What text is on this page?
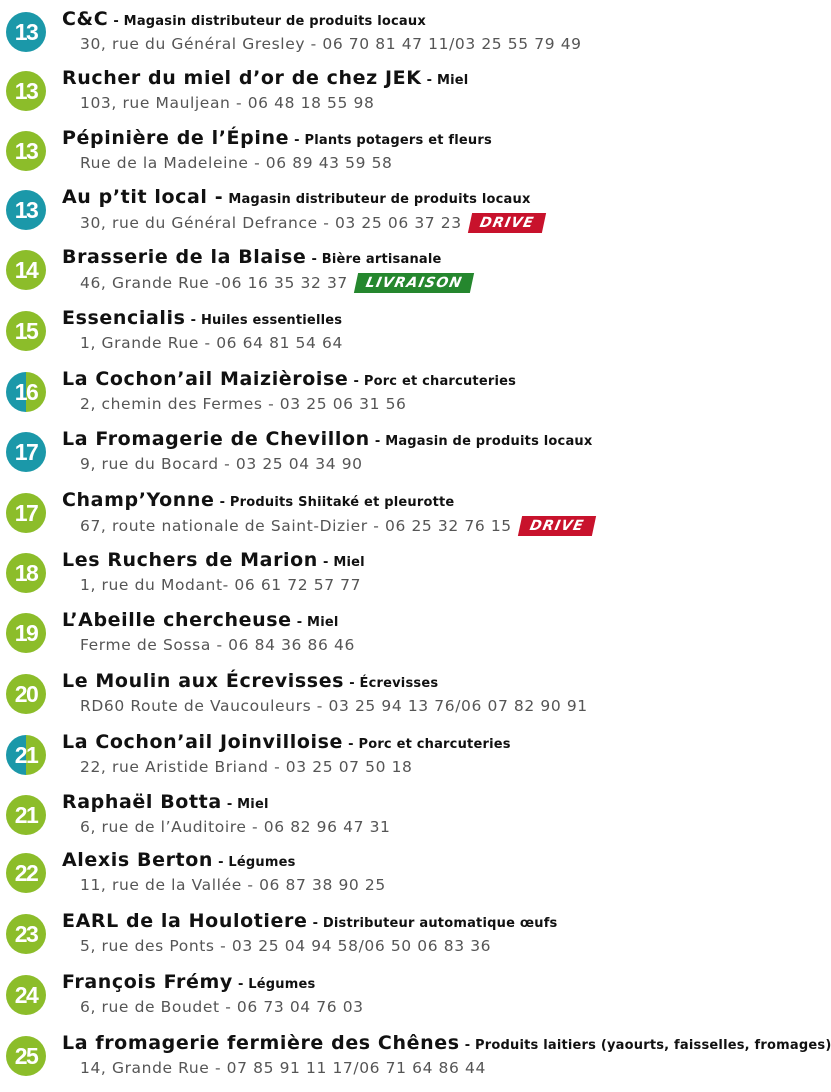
13 C&C - Magasin distributeur de produits locaux
30, rue du Général Gresley - 06 70 81 47 11/03 25 55 79 49
13 Rucher du miel d’or de chez JEK - Miel
103, rue Mauljean - 06 48 18 55 98
13 Pépinière de l’Épine - Plants potagers et fleurs
Rue de la Madeleine - 06 89 43 59 58
13 Au p’tit local - Magasin distributeur de produits locaux
30, rue du Général Defrance - 03 25 06 37 23	DRIVE
14 Brasserie de la Blaise - Bière artisanale
46, Grande Rue -06 16 35 32 37	LIVRAISON
15 Essencialis - Huiles essentielles
1, Grande Rue - 06 64 81 54 64
16 La Cochon’ail Maizièroise - Porc et charcuteries
2, chemin des Fermes - 03 25 06 31 56
17 La Fromagerie de Chevillon - Magasin de produits locaux
9, rue du Bocard - 03 25 04 34 90
17 Champ’Yonne - Produits Shiitaké et pleurotte
67, route nationale de Saint-Dizier - 06 25 32 76 15	DRIVE
18 Les Ruchers de Marion - Miel
1, rue du Modant- 06 61 72 57 77
19 L’Abeille chercheuse - Miel
Ferme de Sossa - 06 84 36 86 46
20 Le Moulin aux Écrevisses - Écrevisses
RD60 Route de Vaucouleurs - 03 25 94 13 76/06 07 82 90 91
21 La Cochon’ail Joinvilloise - Porc et charcuteries
22, rue Aristide Briand - 03 25 07 50 18
21 Raphaël Botta - Miel
6, rue de l’Auditoire - 06 82 96 47 31
22 Alexis Berton - Légumes
11, rue de la Vallée - 06 87 38 90 25
23 EARL de la Houlotiere - Distributeur automatique œufs
5, rue des Ponts - 03 25 04 94 58/06 50 06 83 36
24 François Frémy - Légumes
6, rue de Boudet - 06 73 04 76 03
25 La fromagerie fermière des Chênes - Produits laitiers (yaourts, faisselles, fromages)
14, Grande Rue - 07 85 91 11 17/06 71 64 86 44
